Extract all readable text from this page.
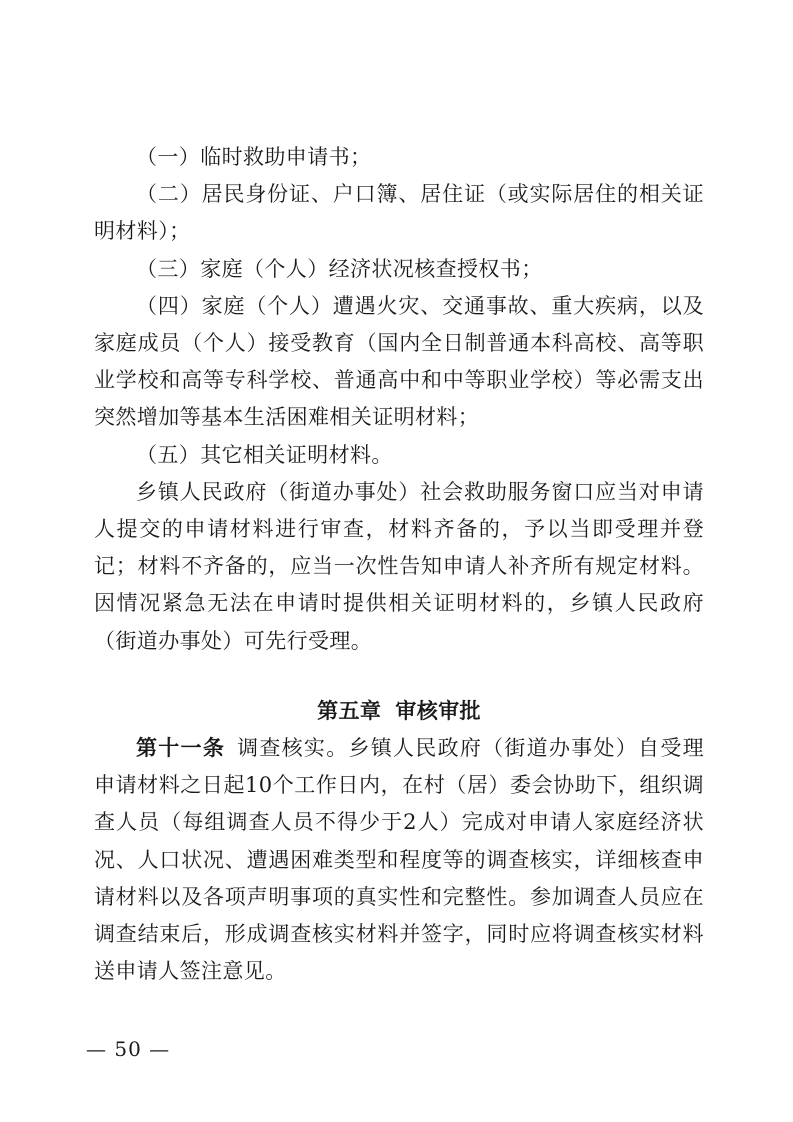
（一）临时救助申请书；

（二）居民身份证、户口簿、居住证（或实际居住的相关证明材料）；

（三）家庭（个人）经济状况核查授权书；

（四）家庭（个人）遭遇火灾、交通事故、重大疾病，以及家庭成员（个人）接受教育（国内全日制普通本科高校、高等职业学校和高等专科学校、普通高中和中等职业学校）等必需支出突然增加等基本生活困难相关证明材料；

（五）其它相关证明材料。

乡镇人民政府（街道办事处）社会救助服务窗口应当对申请人提交的申请材料进行审查，材料齐备的，予以当即受理并登记；材料不齐备的，应当一次性告知申请人补齐所有规定材料。因情况紧急无法在申请时提供相关证明材料的，乡镇人民政府（街道办事处）可先行受理。

第五章 审核审批

第十一条 调查核实。乡镇人民政府（街道办事处）自受理申请材料之日起10个工作日内，在村（居）委会协助下，组织调查人员（每组调查人员不得少于2人）完成对申请人家庭经济状况、人口状况、遭遇困难类型和程度等的调查核实，详细核查申请材料以及各项声明事项的真实性和完整性。参加调查人员应在调查结束后，形成调查核实材料并签字，同时应将调查核实材料送申请人签注意见。

— 50 —
